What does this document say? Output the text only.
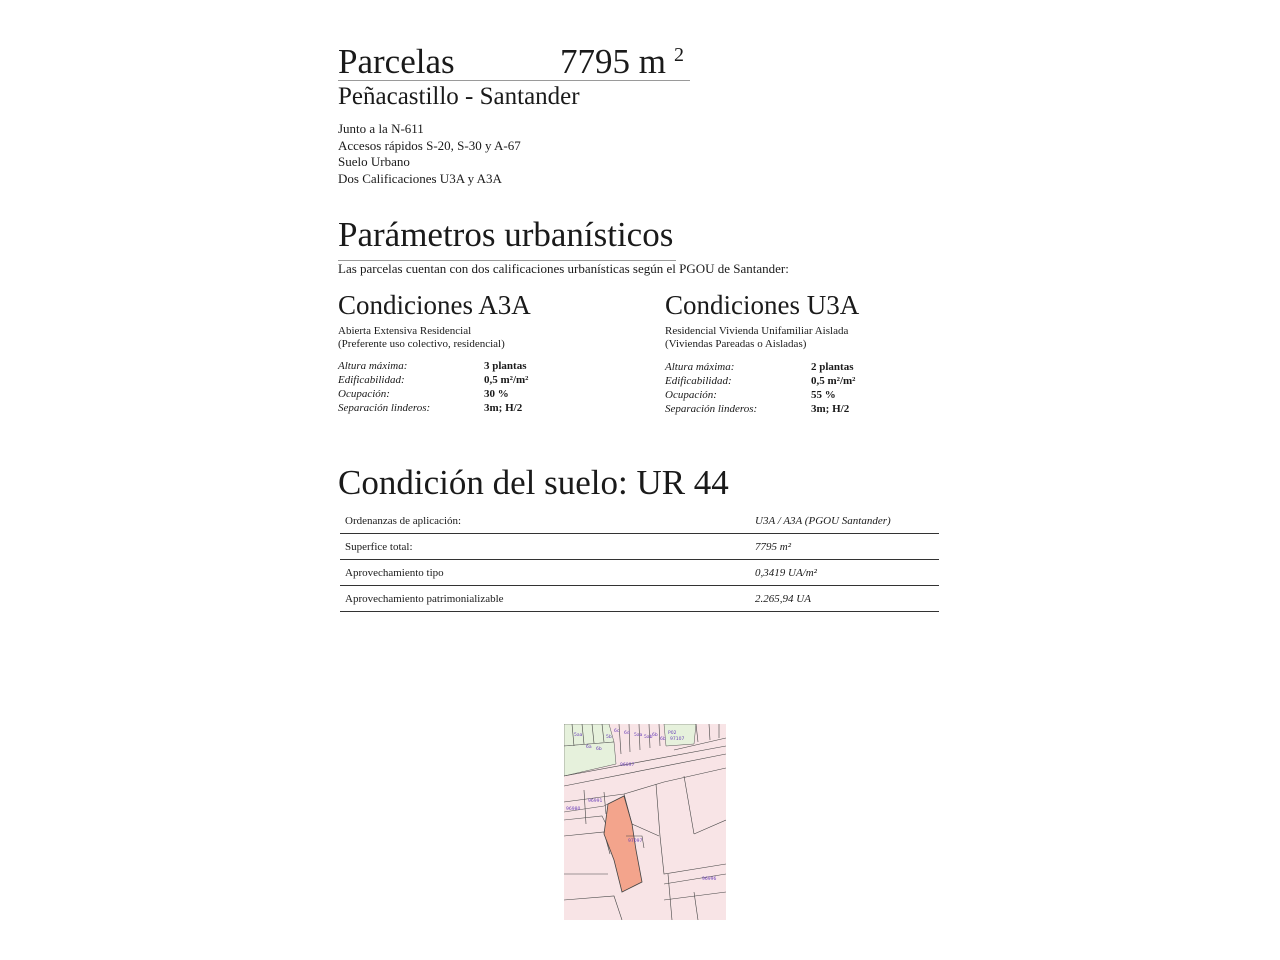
Parcelas	7795 m $^2$
Peñacastillo - Santander
Junto a la N-611
Accesos rápidos S-20, S-30 y A-67
Suelo Urbano
Dos Calificaciones U3A y A3A
Parámetros urbanísticos
Las parcelas cuentan con dos calificaciones urbanísticas según el PGOU de Santander:
Condiciones A3A
Abierta Extensiva Residencial
(Preferente uso colectivo, residencial)
Altura máxima:	3 plantas
Edificabilidad:	0,5 m²/m²
Ocupación:	30 %
Separación linderos:	3m; H/2
Condiciones U3A
Residencial Vivienda Unifamiliar Aislada
(Viviendas Pareadas o Aisladas)
Altura máxima:	2 plantas
Edificabilidad:	0,5 m²/m²
Ocupación:	55 %
Separación linderos:	3m; H/2
Condición del suelo: UR 44
Ordenanzas de aplicación:	U3A / A3A (PGOU Santander)
Superfice total:	7795 m²
Aprovechamiento tipo	0,3419 UA/m²
Aprovechamiento patrimonializable	2.265,94 UA
5aa
6a 6b
5b
6c 6d 5aa 5ab 6b
6b
P02
97107
96097
96980
96991
97097
96996
